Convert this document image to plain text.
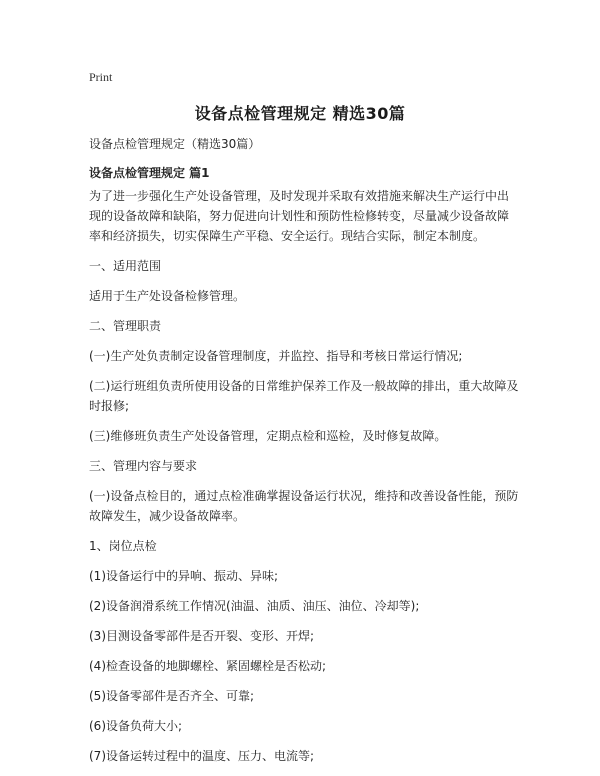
Print
设备点检管理规定 精选30篇

设备点检管理规定（精选30篇）

设备点检管理规定 篇1

为了进一步强化生产处设备管理，及时发现并采取有效措施来解决生产运行中出现的设备故障和缺陷，努力促进向计划性和预防性检修转变，尽量减少设备故障率和经济损失，切实保障生产平稳、安全运行。现结合实际，制定本制度。

一、适用范围

适用于生产处设备检修管理。

二、管理职责

(一)生产处负责制定设备管理制度，并监控、指导和考核日常运行情况;

(二)运行班组负责所使用设备的日常维护保养工作及一般故障的排出，重大故障及时报修;

(三)维修班负责生产处设备管理，定期点检和巡检，及时修复故障。

三、管理内容与要求

(一)设备点检目的，通过点检准确掌握设备运行状况，维持和改善设备性能，预防故障发生，减少设备故障率。

1、岗位点检

(1)设备运行中的异响、振动、异味;

(2)设备润滑系统工作情况(油温、油质、油压、油位、冷却等);

(3)目测设备零部件是否开裂、变形、开焊;

(4)检查设备的地脚螺栓、紧固螺栓是否松动;

(5)设备零部件是否齐全、可靠;

(6)设备负荷大小;

(7)设备运转过程中的温度、压力、电流等;
